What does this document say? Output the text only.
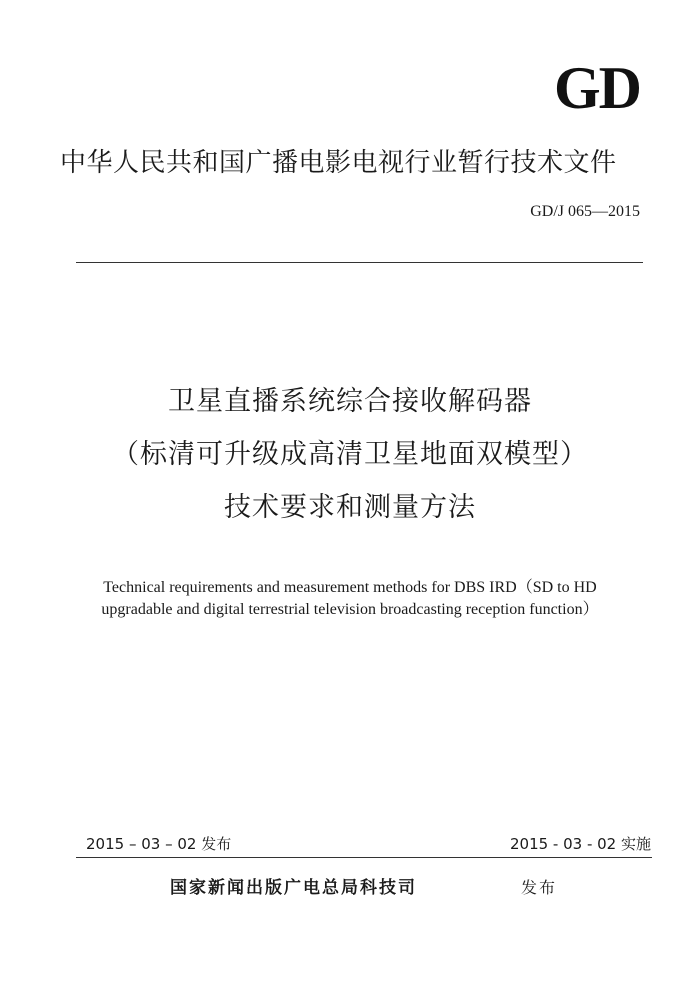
GD
中华人民共和国广播电影电视行业暂行技术文件
GD/J 065—2015
卫星直播系统综合接收解码器
（标清可升级成高清卫星地面双模型）
技术要求和测量方法
Technical requirements and measurement methods for DBS IRD（SD to HD
upgradable and digital terrestrial television broadcasting reception function）
2015 – 03 – 02 发布	2015 - 03 - 02 实施
国家新闻出版广电总局科技司	发布
